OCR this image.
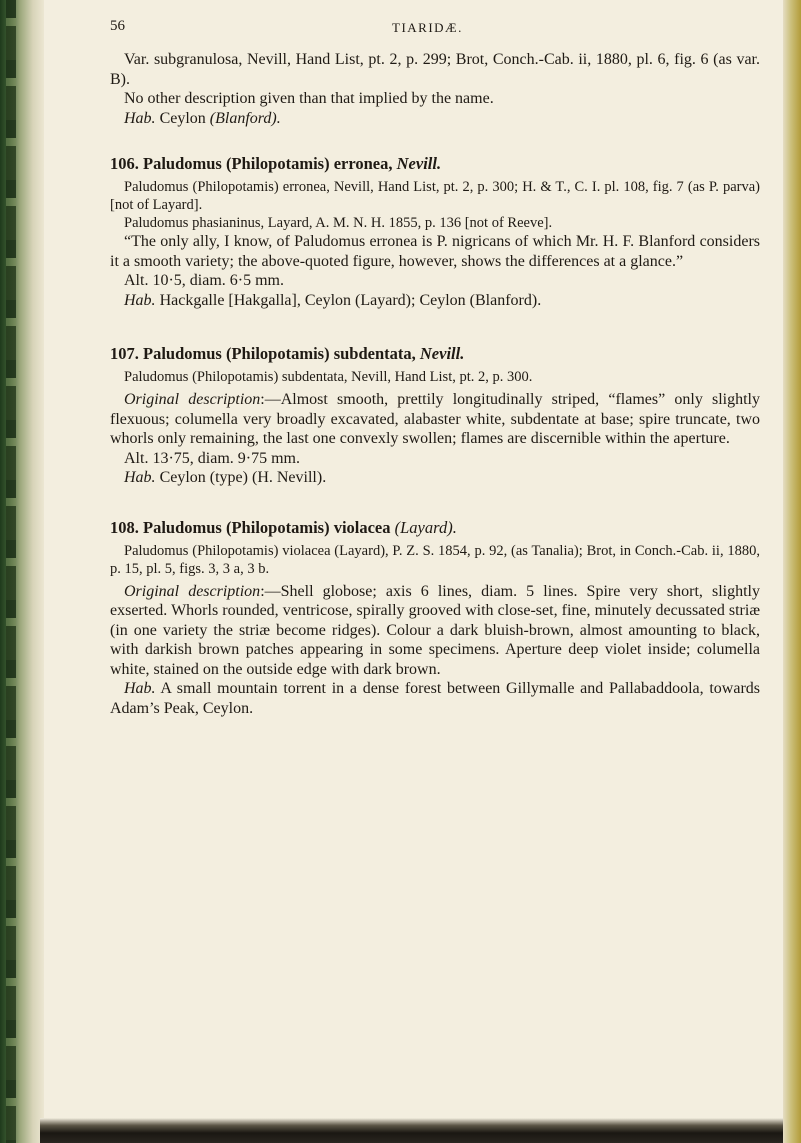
56	TIARIDÆ.

Var. subgranulosa, Nevill, Hand List, pt. 2, p. 299; Brot, Conch.-Cab. ii, 1880, pl. 6, fig. 6 (as var. B).

No other description given than that implied by the name.

Hab. Ceylon (Blanford).

106. Paludomus (Philopotamis) erronea, Nevill.

Paludomus (Philopotamis) erronea, Nevill, Hand List, pt. 2, p. 300; H. & T., C. I. pl. 108, fig. 7 (as P. parva) [not of Layard].

Paludomus phasianinus, Layard, A. M. N. H. 1855, p. 136 [not of Reeve].

“The only ally, I know, of Paludomus erronea is P. nigricans of which Mr. H. F. Blanford considers it a smooth variety; the above-quoted figure, however, shows the differences at a glance.”

Alt. 10·5, diam. 6·5 mm.

Hab. Hackgalle [Hakgalla], Ceylon (Layard); Ceylon (Blanford).

107. Paludomus (Philopotamis) subdentata, Nevill.

Paludomus (Philopotamis) subdentata, Nevill, Hand List, pt. 2, p. 300.

Original description:—Almost smooth, prettily longitudinally striped, “flames” only slightly flexuous; columella very broadly excavated, alabaster white, subdentate at base; spire truncate, two whorls only remaining, the last one convexly swollen; flames are discernible within the aperture.

Alt. 13·75, diam. 9·75 mm.

Hab. Ceylon (type) (H. Nevill).

108. Paludomus (Philopotamis) violacea (Layard).

Paludomus (Philopotamis) violacea (Layard), P. Z. S. 1854, p. 92, (as Tanalia); Brot, in Conch.-Cab. ii, 1880, p. 15, pl. 5, figs. 3, 3 a, 3 b.

Original description:—Shell globose; axis 6 lines, diam. 5 lines. Spire very short, slightly exserted. Whorls rounded, ventricose, spirally grooved with close-set, fine, minutely decussated striæ (in one variety the striæ become ridges). Colour a dark bluish-brown, almost amounting to black, with darkish brown patches appearing in some specimens. Aperture deep violet inside; columella white, stained on the outside edge with dark brown.

Hab. A small mountain torrent in a dense forest between Gillymalle and Pallabaddoola, towards Adam’s Peak, Ceylon.
